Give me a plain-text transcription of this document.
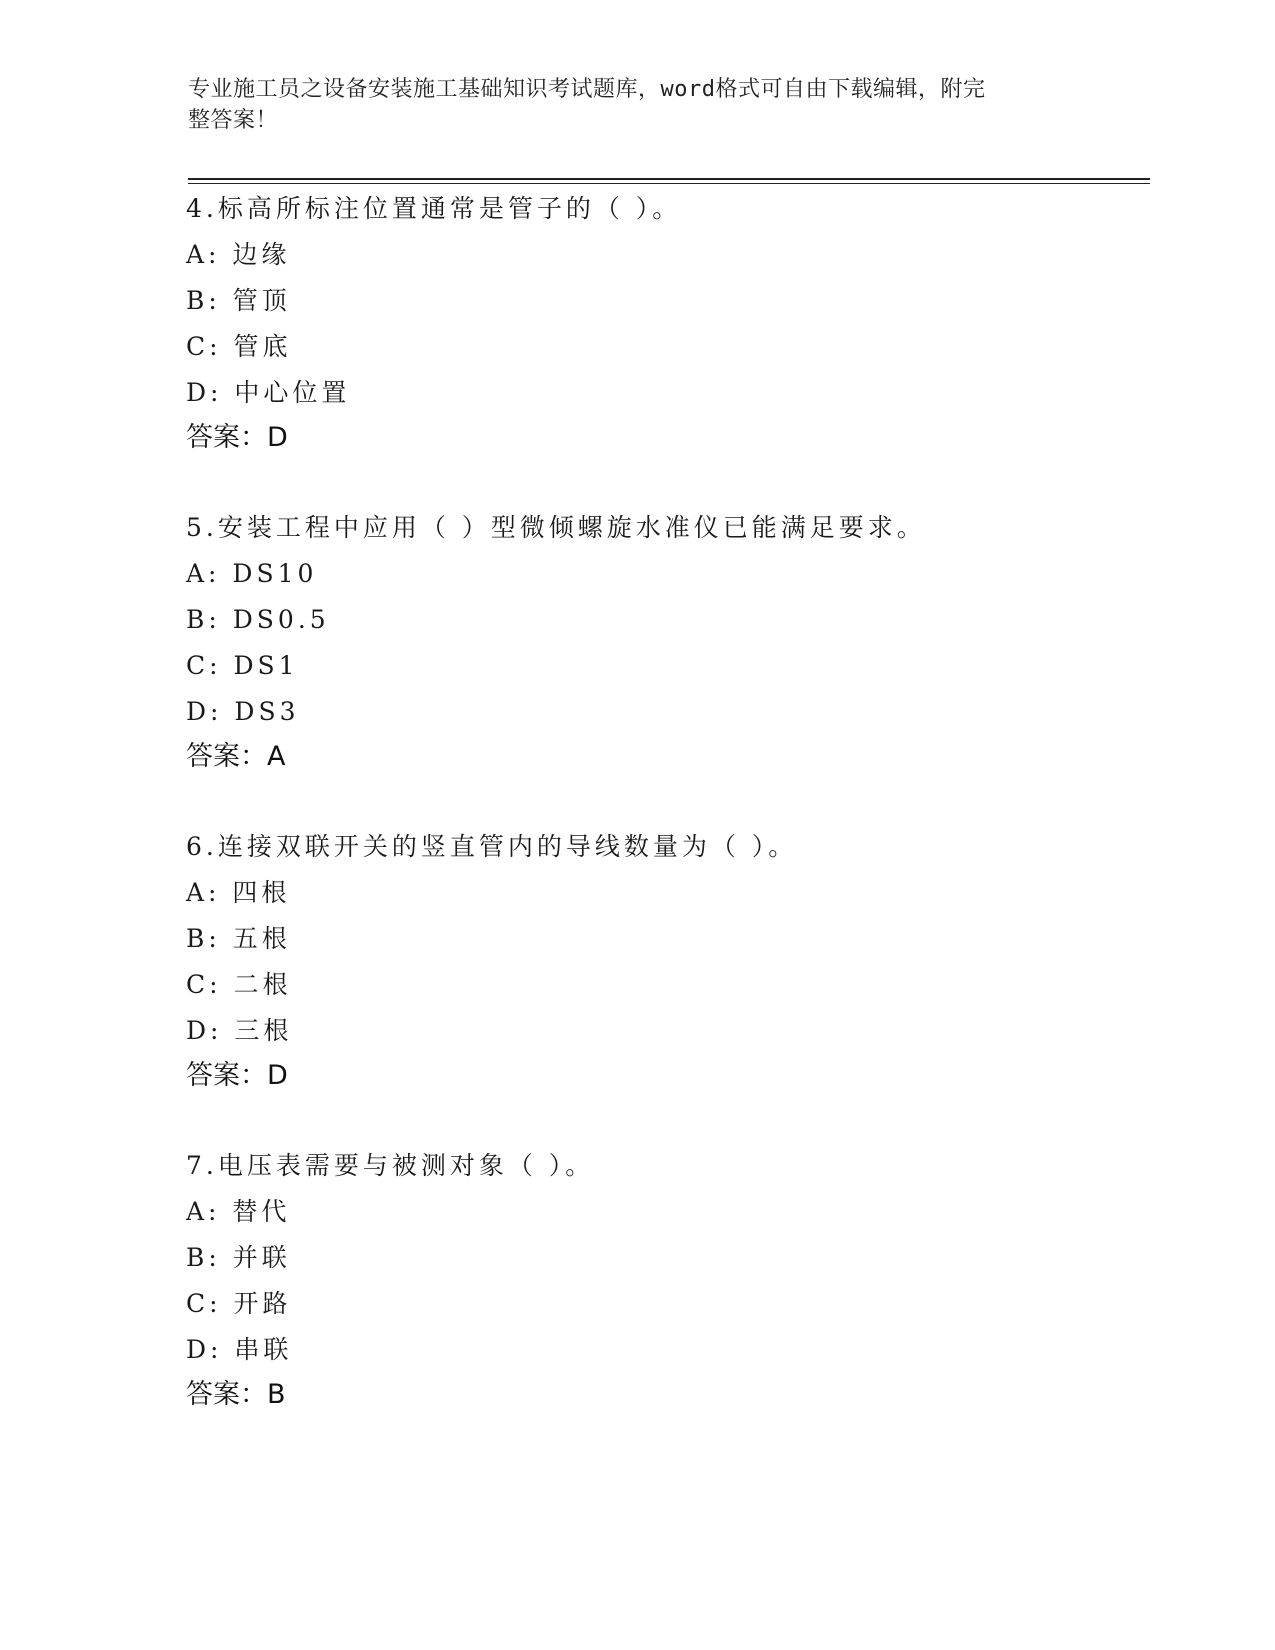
专业施工员之设备安装施工基础知识考试题库，word格式可自由下载编辑，附完
整答案！
4.标高所标注位置通常是管子的（ ）。
A: 边缘
B: 管顶
C: 管底
D: 中心位置
答案：D
5.安装工程中应用（ ）型微倾螺旋水准仪已能满足要求。
A: DS10
B: DS0.5
C: DS1
D: DS3
答案：A
6.连接双联开关的竖直管内的导线数量为（ ）。
A: 四根
B: 五根
C: 二根
D: 三根
答案：D
7.电压表需要与被测对象（ ）。
A: 替代
B: 并联
C: 开路
D: 串联
答案：B
